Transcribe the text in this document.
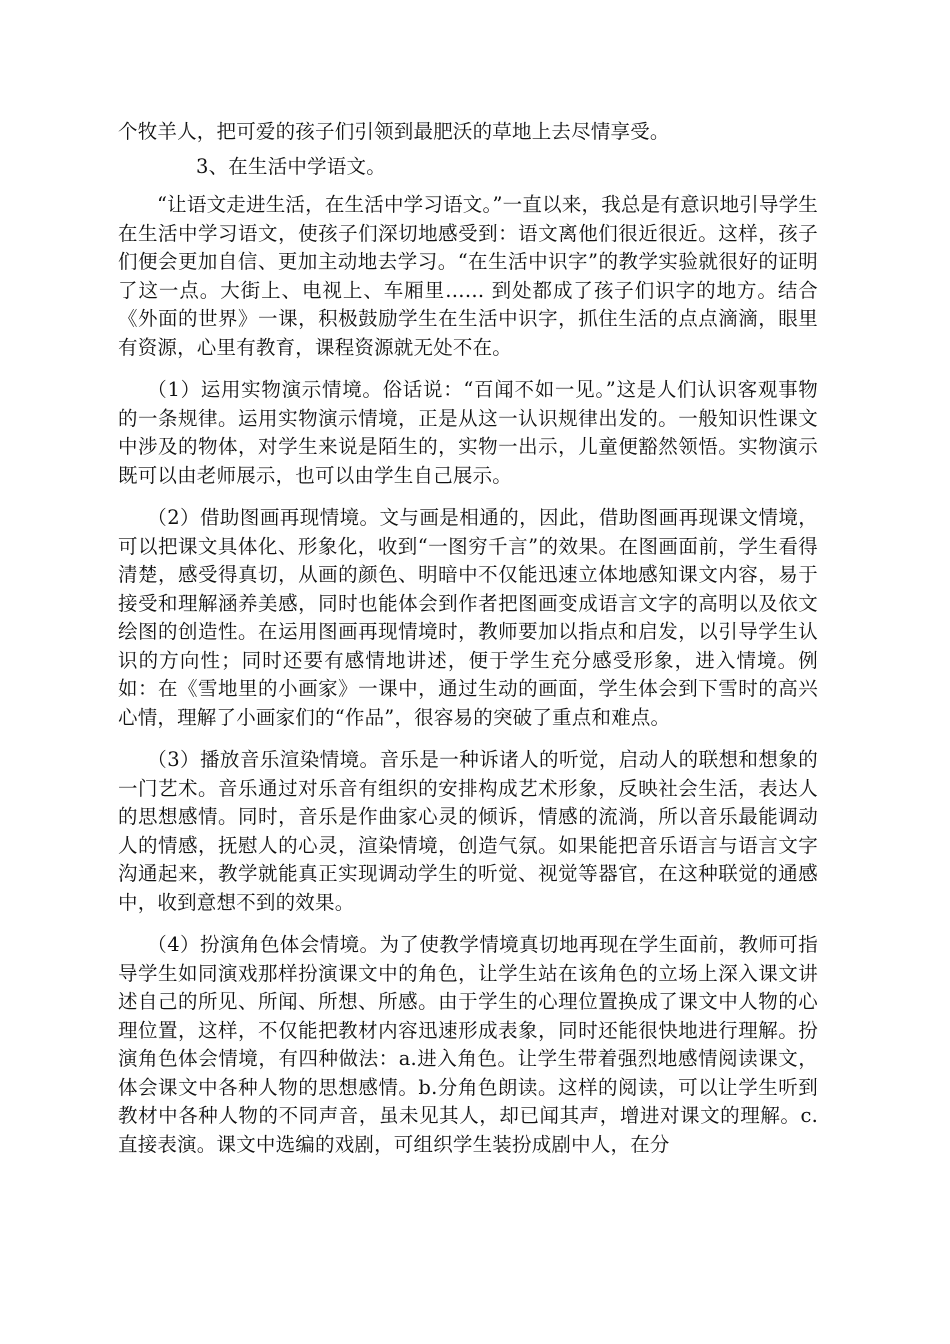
个牧羊人，把可爱的孩子们引领到最肥沃的草地上去尽情享受。

3、在生活中学语文。

“让语文走进生活，在生活中学习语文。”一直以来，我总是有意识地引导学生在生活中学习语文，使孩子们深切地感受到：语文离他们很近很近。这样，孩子们便会更加自信、更加主动地去学习。“在生活中识字”的教学实验就很好的证明了这一点。大街上、电视上、车厢里…… 到处都成了孩子们识字的地方。结合《外面的世界》一课，积极鼓励学生在生活中识字，抓住生活的点点滴滴，眼里有资源，心里有教育，课程资源就无处不在。

（1）运用实物演示情境。俗话说：“百闻不如一见。”这是人们认识客观事物的一条规律。运用实物演示情境，正是从这一认识规律出发的。一般知识性课文中涉及的物体，对学生来说是陌生的，实物一出示，儿童便豁然领悟。实物演示既可以由老师展示，也可以由学生自己展示。

（2）借助图画再现情境。文与画是相通的，因此，借助图画再现课文情境，可以把课文具体化、形象化，收到“一图穷千言”的效果。在图画面前，学生看得清楚，感受得真切，从画的颜色、明暗中不仅能迅速立体地感知课文内容，易于接受和理解涵养美感，同时也能体会到作者把图画变成语言文字的高明以及依文绘图的创造性。在运用图画再现情境时，教师要加以指点和启发，以引导学生认识的方向性；同时还要有感情地讲述，便于学生充分感受形象，进入情境。例如：在《雪地里的小画家》一课中，通过生动的画面，学生体会到下雪时的高兴心情，理解了小画家们的“作品”，很容易的突破了重点和难点。

（3）播放音乐渲染情境。音乐是一种诉诸人的听觉，启动人的联想和想象的一门艺术。音乐通过对乐音有组织的安排构成艺术形象，反映社会生活，表达人的思想感情。同时，音乐是作曲家心灵的倾诉，情感的流淌，所以音乐最能调动人的情感，抚慰人的心灵，渲染情境，创造气氛。如果能把音乐语言与语言文字沟通起来，教学就能真正实现调动学生的听觉、视觉等器官，在这种联觉的通感中，收到意想不到的效果。

（4）扮演角色体会情境。为了使教学情境真切地再现在学生面前，教师可指导学生如同演戏那样扮演课文中的角色，让学生站在该角色的立场上深入课文讲述自己的所见、所闻、所想、所感。由于学生的心理位置换成了课文中人物的心理位置，这样，不仅能把教材内容迅速形成表象，同时还能很快地进行理解。扮演角色体会情境，有四种做法：a.进入角色。让学生带着强烈地感情阅读课文，体会课文中各种人物的思想感情。b.分角色朗读。这样的阅读，可以让学生听到教材中各种人物的不同声音，虽未见其人，却已闻其声，增进对课文的理解。c.直接表演。课文中选编的戏剧，可组织学生装扮成剧中人，在分
